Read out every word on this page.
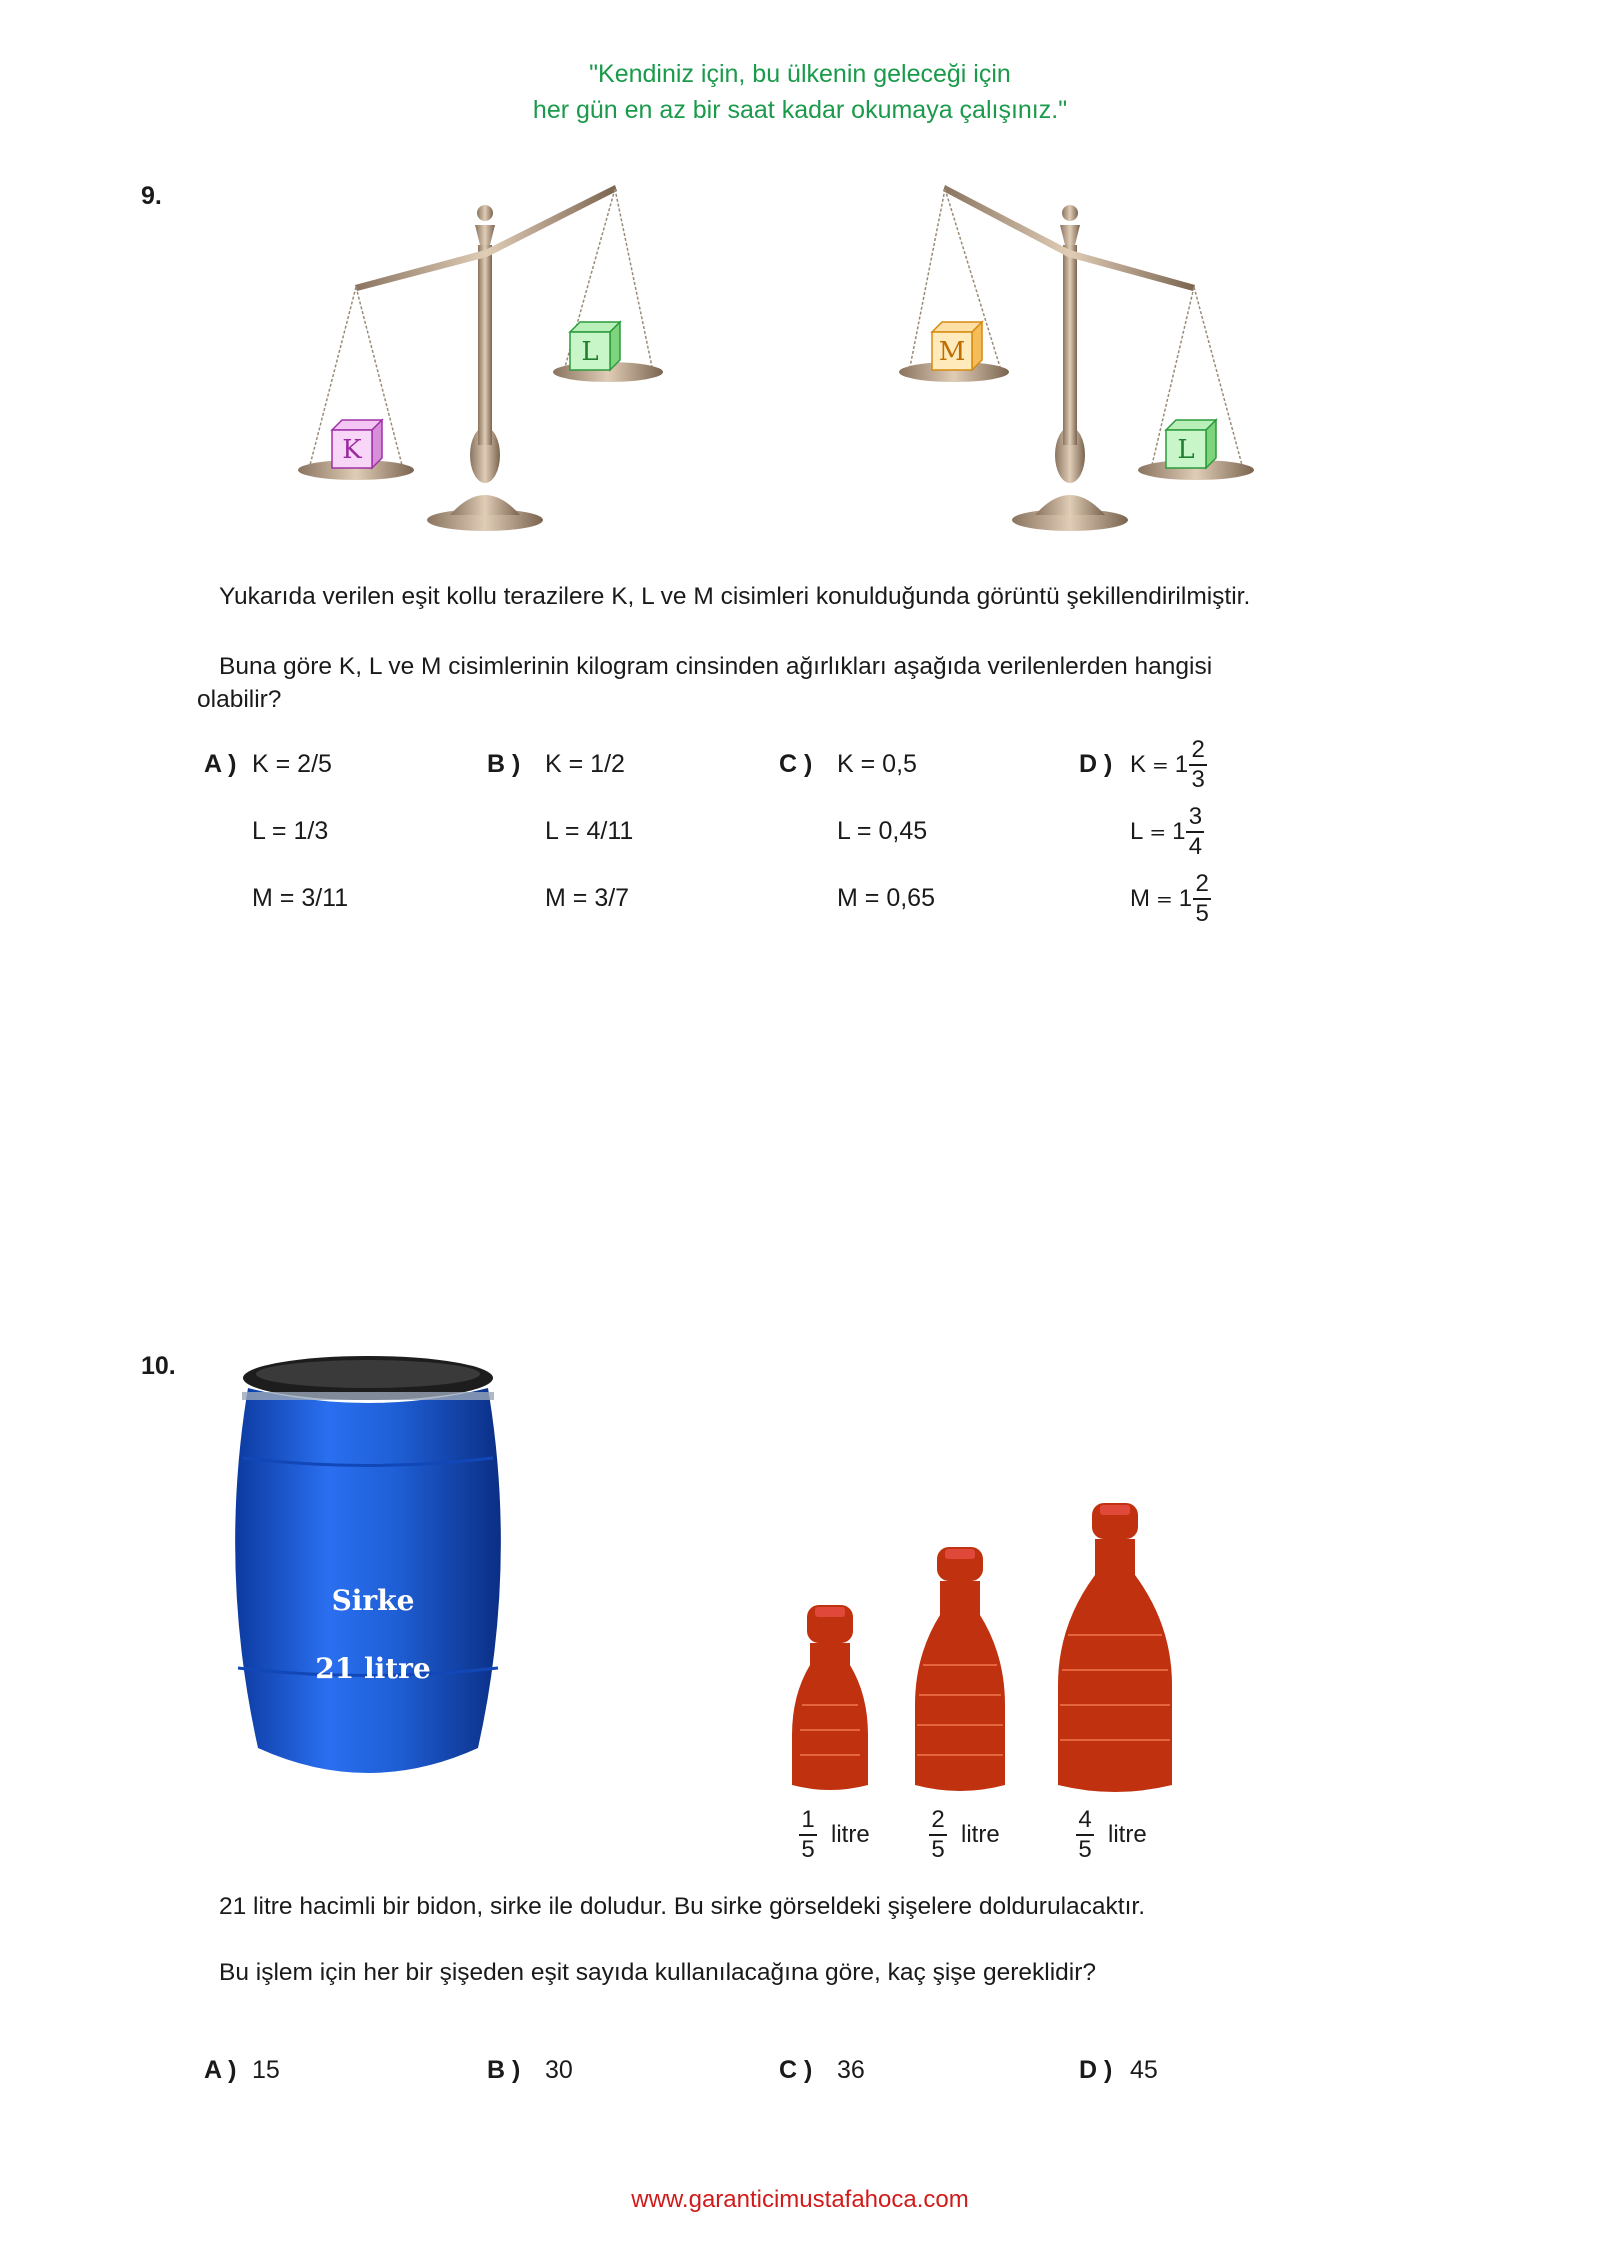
"Kendiniz için, bu ülkenin geleceği için
her gün en az bir saat kadar okumaya çalışınız."
9.
K
L	M
L
Yukarıda verilen eşit kollu terazilere K, L ve M cisimleri konulduğunda görüntü şekillendirilmiştir.
Buna göre K, L ve M cisimlerinin kilogram cinsinden ağırlıkları aşağıda verilenlerden hangisi
olabilir?
A ) K = 2/5
L = 1/3
M = 3/11
B ) K = 1/2
L = 4/11
M = 3/7
C ) K = 0,5
L = 0,45
M = 0,65
D ) $K = 1 \frac{2}{3}$
$L = 1 \frac{3}{4}$
$M = 1 \frac{2}{5}$
10.
Sirke
21 litre
$\frac{1}{5}$ litre $\frac{2}{5}$ litre	$\frac{4}{5}$ litre
21 litre hacimli bir bidon, sirke ile doludur. Bu sirke görseldeki şişelere doldurulacaktır.
Bu işlem için her bir şişeden eşit sayıda kullanılacağına göre, kaç şişe gereklidir?
A ) 15	B ) 30	C ) 36	D ) 45
www.garanticimustafahoca.com
